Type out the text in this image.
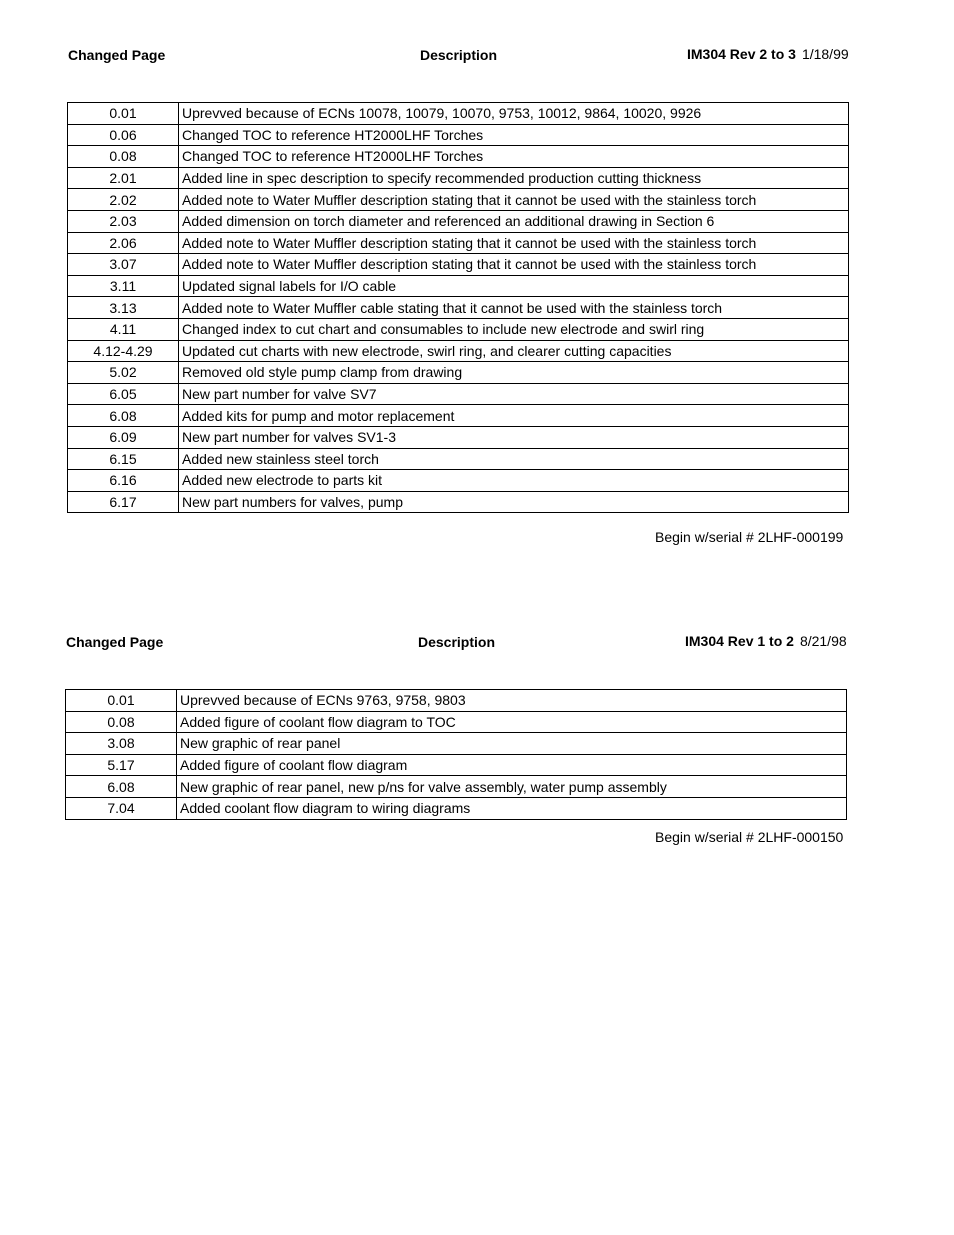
Changed Page	Description	IM304 Rev 2 to 3 1/18/99
0.01	Uprevved because of ECNs 10078, 10079, 10070, 9753, 10012, 9864, 10020, 9926
0.06	Changed TOC to reference HT2000LHF Torches
0.08	Changed TOC to reference HT2000LHF Torches
2.01	Added line in spec description to specify recommended production cutting thickness
2.02	Added note to Water Muffler description stating that it cannot be used with the stainless torch
2.03	Added dimension on torch diameter and referenced an additional drawing in Section 6
2.06	Added note to Water Muffler description stating that it cannot be used with the stainless torch
3.07	Added note to Water Muffler description stating that it cannot be used with the stainless torch
3.11	Updated signal labels for I/O cable
3.13	Added note to Water Muffler cable stating that it cannot be used with the stainless torch
4.11	Changed index to cut chart and consumables to include new electrode and swirl ring
4.12-4.29	Updated cut charts with new electrode, swirl ring, and clearer cutting capacities
5.02	Removed old style pump clamp from drawing
6.05	New part number for valve SV7
6.08	Added kits for pump and motor replacement
6.09	New part number for valves SV1-3
6.15	Added new stainless steel torch
6.16	Added new electrode to parts kit
6.17	New part numbers for valves, pump
Begin w/serial # 2LHF-000199
Changed Page	Description	IM304 Rev 1 to 2 8/21/98
0.01	Uprevved because of ECNs 9763, 9758, 9803
0.08	Added figure of coolant flow diagram to TOC
3.08	New graphic of rear panel
5.17	Added figure of coolant flow diagram
6.08	New graphic of rear panel, new p/ns for valve assembly, water pump assembly
7.04	Added coolant flow diagram to wiring diagrams
Begin w/serial # 2LHF-000150
